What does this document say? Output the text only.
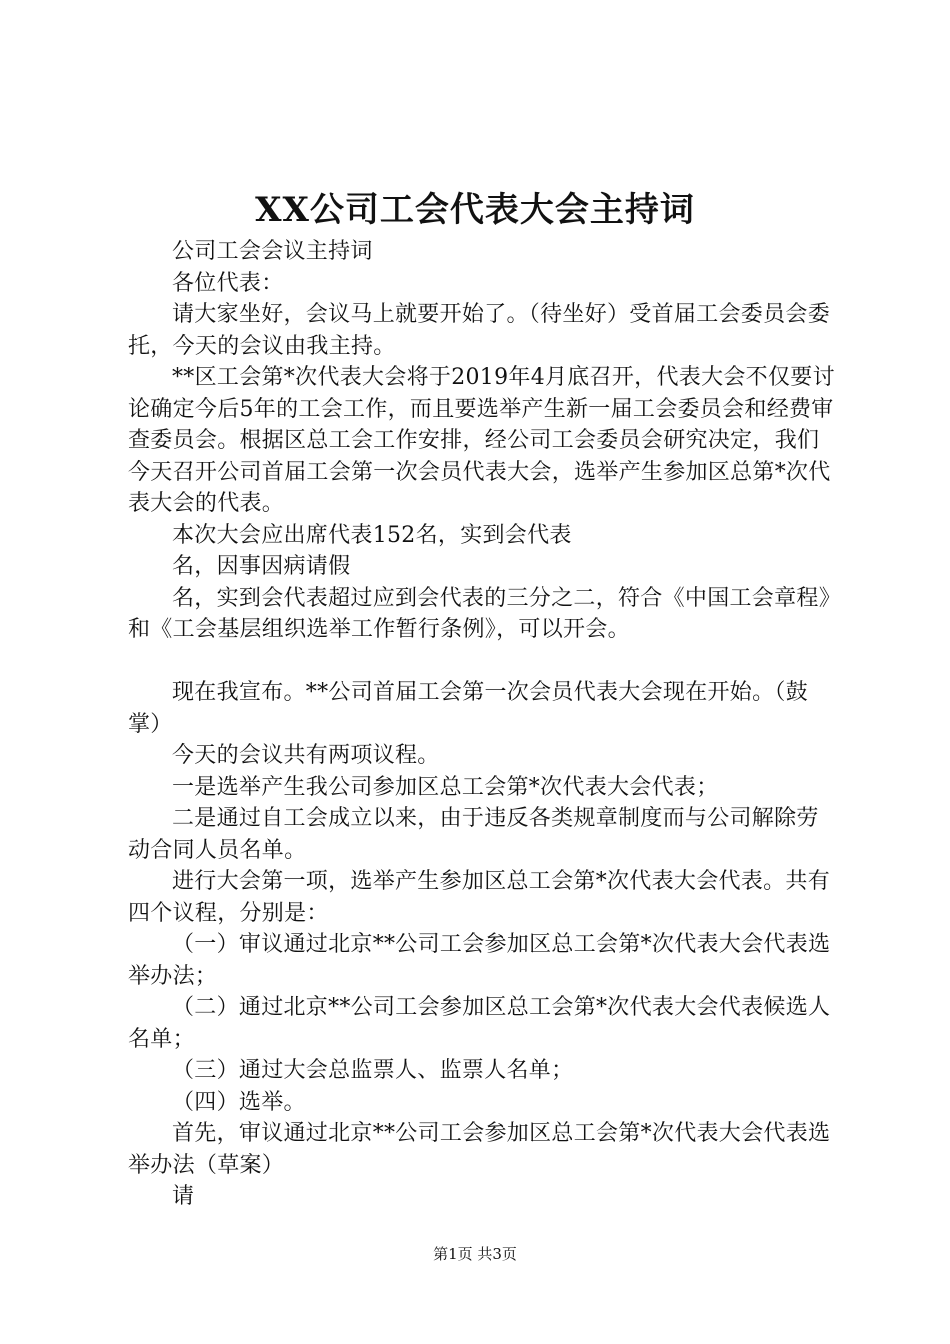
XX公司工会代表大会主持词

公司工会会议主持词

各位代表：

请大家坐好，会议马上就要开始了。（待坐好）受首届工会委员会委托，今天的会议由我主持。

**区工会第*次代表大会将于2019年4月底召开，代表大会不仅要讨论确定今后5年的工会工作，而且要选举产生新一届工会委员会和经费审查委员会。根据区总工会工作安排，经公司工会委员会研究决定，我们今天召开公司首届工会第一次会员代表大会，选举产生参加区总第*次代表大会的代表。

本次大会应出席代表152名，实到会代表

名，因事因病请假

名，实到会代表超过应到会代表的三分之二，符合《中国工会章程》和《工会基层组织选举工作暂行条例》，可以开会。

现在我宣布。**公司首届工会第一次会员代表大会现在开始。（鼓掌）

今天的会议共有两项议程。

一是选举产生我公司参加区总工会第*次代表大会代表；

二是通过自工会成立以来，由于违反各类规章制度而与公司解除劳动合同人员名单。

进行大会第一项，选举产生参加区总工会第*次代表大会代表。共有四个议程，分别是：

（一）审议通过北京**公司工会参加区总工会第*次代表大会代表选举办法；

（二）通过北京**公司工会参加区总工会第*次代表大会代表候选人名单；

（三）通过大会总监票人、监票人名单；

（四）选举。

首先，审议通过北京**公司工会参加区总工会第*次代表大会代表选举办法（草案）

请

第1页 共3页
